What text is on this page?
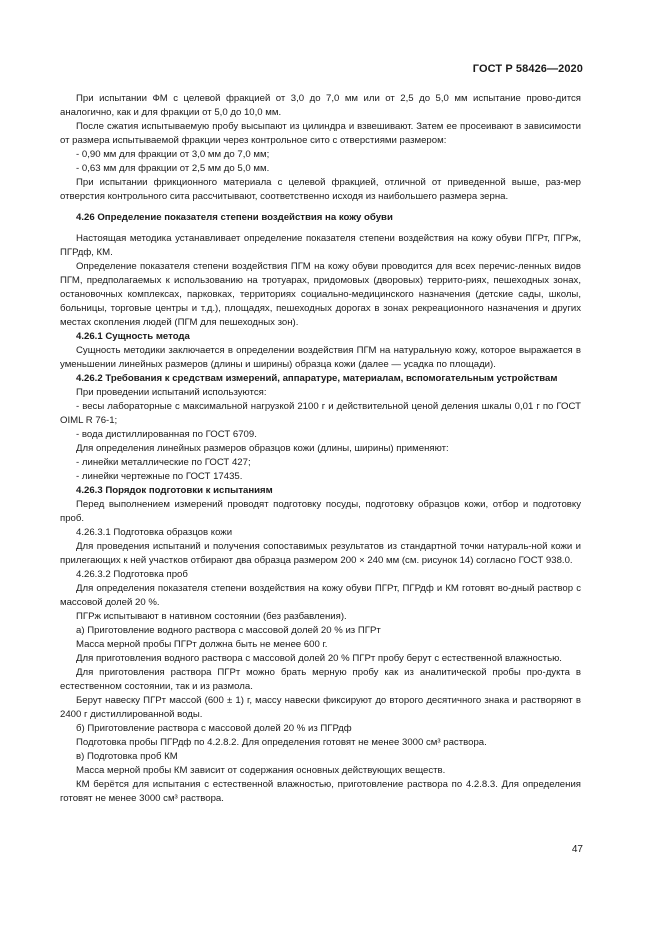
ГОСТ Р 58426—2020

При испытании ФМ с целевой фракцией от 3,0 до 7,0 мм или от 2,5 до 5,0 мм испытание прово-дится аналогично, как и для фракции от 5,0 до 10,0 мм.

После сжатия испытываемую пробу высыпают из цилиндра и взвешивают. Затем ее просеивают в зависимости от размера испытываемой фракции через контрольное сито с отверстиями размером:

- 0,90 мм для фракции от 3,0 мм до 7,0 мм;

- 0,63 мм для фракции от 2,5 мм до 5,0 мм.

При испытании фрикционного материала с целевой фракцией, отличной от приведенной выше, раз-мер отверстия контрольного сита рассчитывают, соответственно исходя из наибольшего размера зерна.

4.26 Определение показателя степени воздействия на кожу обуви

Настоящая методика устанавливает определение показателя степени воздействия на кожу обуви ПГРт, ПГРж, ПГРдф, КМ.

Определение показателя степени воздействия ПГМ на кожу обуви проводится для всех перечис-ленных видов ПГМ, предполагаемых к использованию на тротуарах, придомовых (дворовых) террито-риях, пешеходных зонах, остановочных комплексах, парковках, территориях социально-медицинского назначения (детские сады, школы, больницы, торговые центры и т.д.), площадях, пешеходных дорогах в зонах рекреационного назначения и других местах скопления людей (ПГМ для пешеходных зон).

4.26.1 Сущность метода

Сущность методики заключается в определении воздействия ПГМ на натуральную кожу, которое выражается в уменьшении линейных размеров (длины и ширины) образца кожи (далее — усадка по площади).

4.26.2 Требования к средствам измерений, аппаратуре, материалам, вспомогательным устройствам

При проведении испытаний используются:

- весы лабораторные с максимальной нагрузкой 2100 г и действительной ценой деления шкалы 0,01 г по ГОСТ OIML R 76-1;

- вода дистиллированная по ГОСТ 6709.

Для определения линейных размеров образцов кожи (длины, ширины) применяют:

- линейки металлические по ГОСТ 427;

- линейки чертежные по ГОСТ 17435.

4.26.3 Порядок подготовки к испытаниям

Перед выполнением измерений проводят подготовку посуды, подготовку образцов кожи, отбор и подготовку проб.

4.26.3.1 Подготовка образцов кожи

Для проведения испытаний и получения сопоставимых результатов из стандартной точки натураль-ной кожи и прилегающих к ней участков отбирают два образца размером 200 × 240 мм (см. рисунок 14) согласно ГОСТ 938.0.

4.26.3.2 Подготовка проб

Для определения показателя степени воздействия на кожу обуви ПГРт, ПГРдф и КМ готовят во-дный раствор с массовой долей 20 %.

ПГРж испытывают в нативном состоянии (без разбавления).

а) Приготовление водного раствора с массовой долей 20 % из ПГРт

Масса мерной пробы ПГРт должна быть не менее 600 г.

Для приготовления водного раствора с массовой долей 20 % ПГРт пробу берут с естественной влажностью.

Для приготовления раствора ПГРт можно брать мерную пробу как из аналитической пробы про-дукта в естественном состоянии, так и из размола.

Берут навеску ПГРт массой (600 ± 1) г, массу навески фиксируют до второго десятичного знака и растворяют в 2400 г дистиллированной воды.

б) Приготовление раствора с массовой долей 20 % из ПГРдф

Подготовка пробы ПГРдф по 4.2.8.2. Для определения готовят не менее 3000 см³ раствора.

в) Подготовка проб КМ

Масса мерной пробы КМ зависит от содержания основных действующих веществ.

КМ берётся для испытания с естественной влажностью, приготовление раствора по 4.2.8.3. Для определения готовят не менее 3000 см³ раствора.

47
